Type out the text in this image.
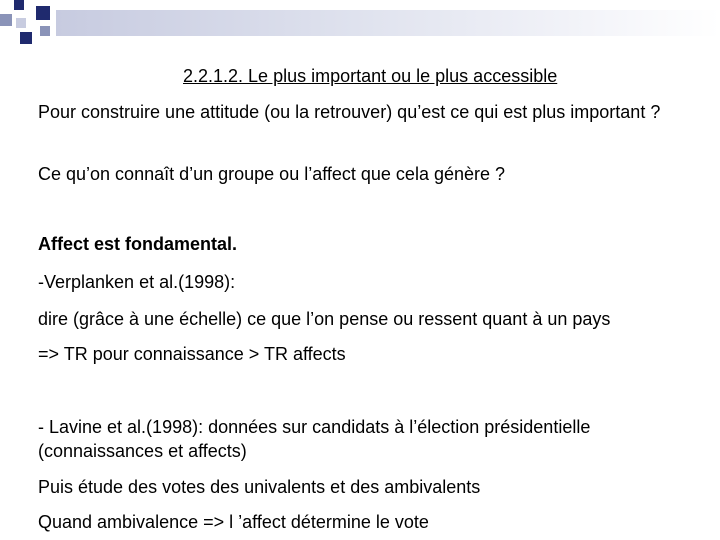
2.2.1.2. Le plus important ou le plus accessible

Pour construire une attitude (ou la retrouver) qu’est ce qui est plus important ?

Ce qu’on connaît d’un groupe ou l’affect que cela génère ?

Affect est fondamental.

-Verplanken et al.(1998):

dire (grâce à une échelle) ce que l’on pense ou ressent quant à un pays

=> TR pour connaissance > TR affects

- Lavine et al.(1998): données sur candidats à l’élection présidentielle (connaissances et affects)

Puis étude des votes des univalents et des ambivalents

Quand ambivalence => l ’affect détermine le vote
